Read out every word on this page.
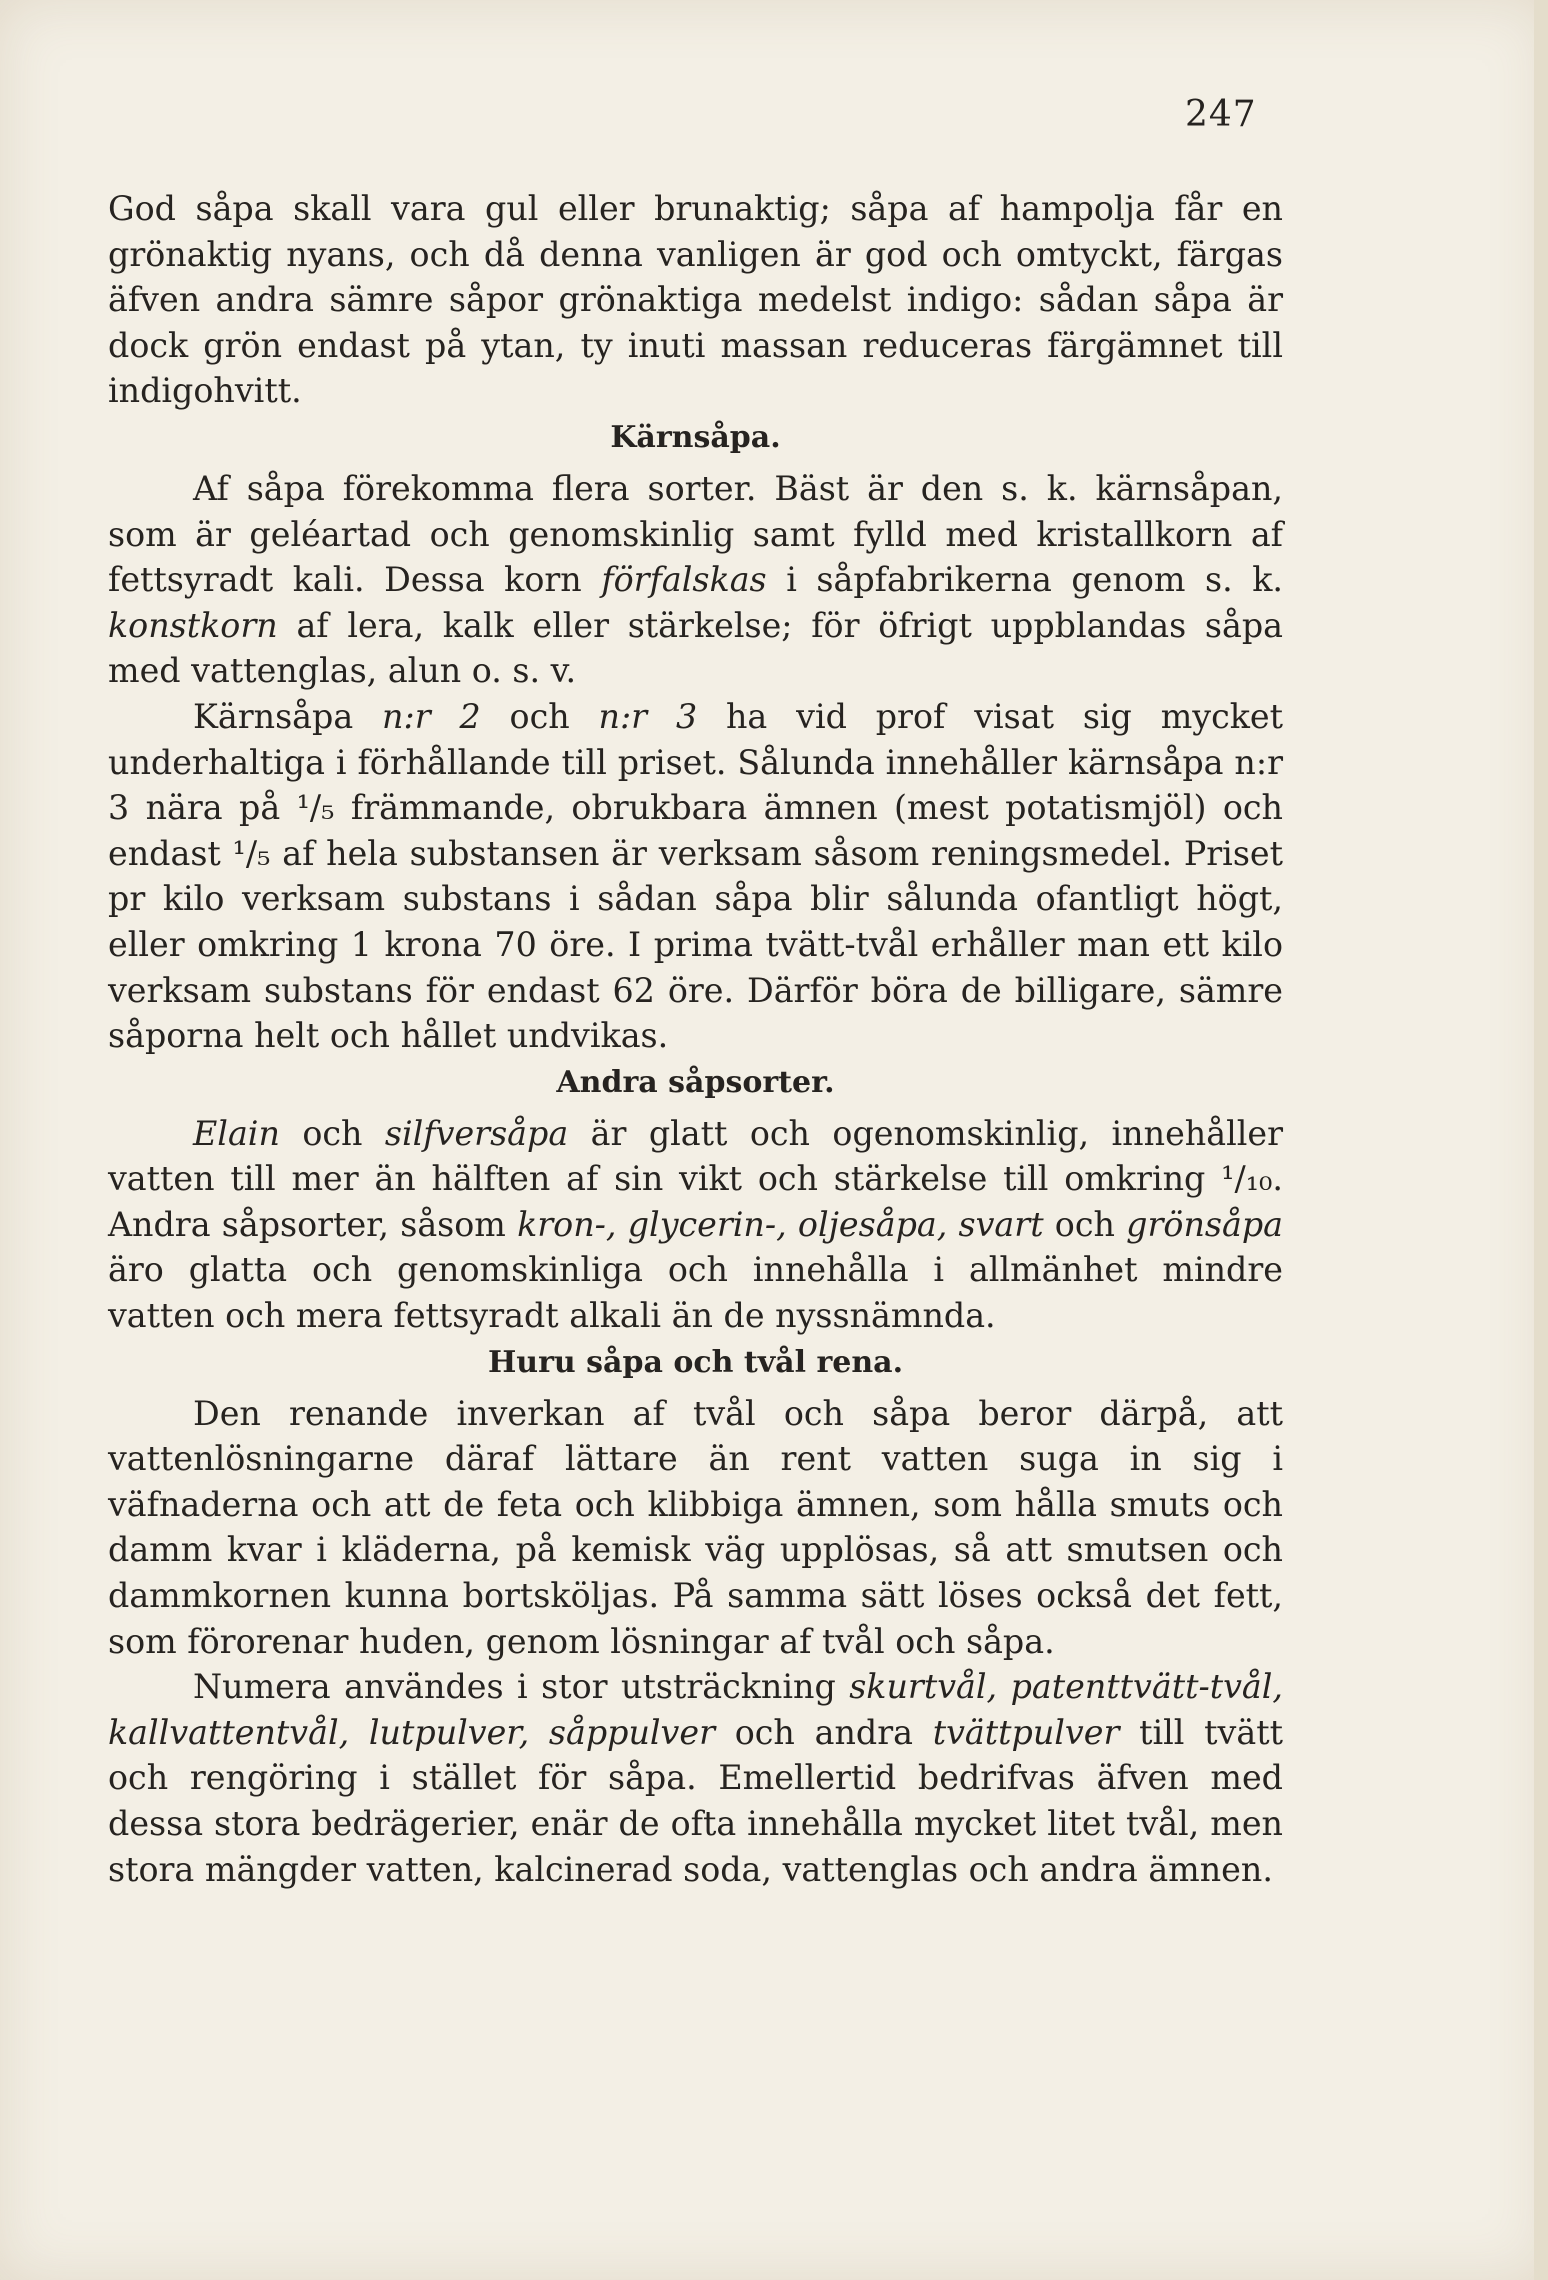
247

God såpa skall vara gul eller brunaktig; såpa af hampolja får en grönaktig nyans, och då denna vanligen är god och omtyckt, färgas äfven andra sämre såpor grönaktiga medelst indigo: sådan såpa är dock grön endast på ytan, ty inuti massan reduceras färgämnet till indigohvitt.

Kärnsåpa.

Af såpa förekomma flera sorter. Bäst är den s. k. kärnsåpan, som är geléartad och genomskinlig samt fylld med kristallkorn af fettsyradt kali. Dessa korn förfalskas i såpfabrikerna genom s. k. konstkorn af lera, kalk eller stärkelse; för öfrigt uppblandas såpa med vattenglas, alun o. s. v.

Kärnsåpa n:r 2 och n:r 3 ha vid prof visat sig mycket underhaltiga i förhållande till priset. Sålunda innehåller kärnsåpa n:r 3 nära på ¹/₅ främmande, obrukbara ämnen (mest potatismjöl) och endast ¹/₅ af hela substansen är verksam såsom reningsmedel. Priset pr kilo verksam substans i sådan såpa blir sålunda ofantligt högt, eller omkring 1 krona 70 öre. I prima tvätt-tvål erhåller man ett kilo verksam substans för endast 62 öre. Därför böra de billigare, sämre såporna helt och hållet undvikas.

Andra såpsorter.

Elain och silfversåpa är glatt och ogenomskinlig, innehåller vatten till mer än hälften af sin vikt och stärkelse till omkring ¹/₁₀. Andra såpsorter, såsom kron-, glycerin-, oljesåpa, svart och grönsåpa äro glatta och genomskinliga och innehålla i allmänhet mindre vatten och mera fettsyradt alkali än de nyssnämnda.

Huru såpa och tvål rena.

Den renande inverkan af tvål och såpa beror därpå, att vattenlösningarne däraf lättare än rent vatten suga in sig i väfnaderna och att de feta och klibbiga ämnen, som hålla smuts och damm kvar i kläderna, på kemisk väg upplösas, så att smutsen och dammkornen kunna bortsköljas. På samma sätt löses också det fett, som förorenar huden, genom lösningar af tvål och såpa.

Numera användes i stor utsträckning skurtvål, patenttvätt-tvål, kallvattentvål, lutpulver, såppulver och andra tvättpulver till tvätt och rengöring i stället för såpa. Emellertid bedrifvas äfven med dessa stora bedrägerier, enär de ofta innehålla mycket litet tvål, men stora mängder vatten, kalcinerad soda, vattenglas och andra ämnen.
